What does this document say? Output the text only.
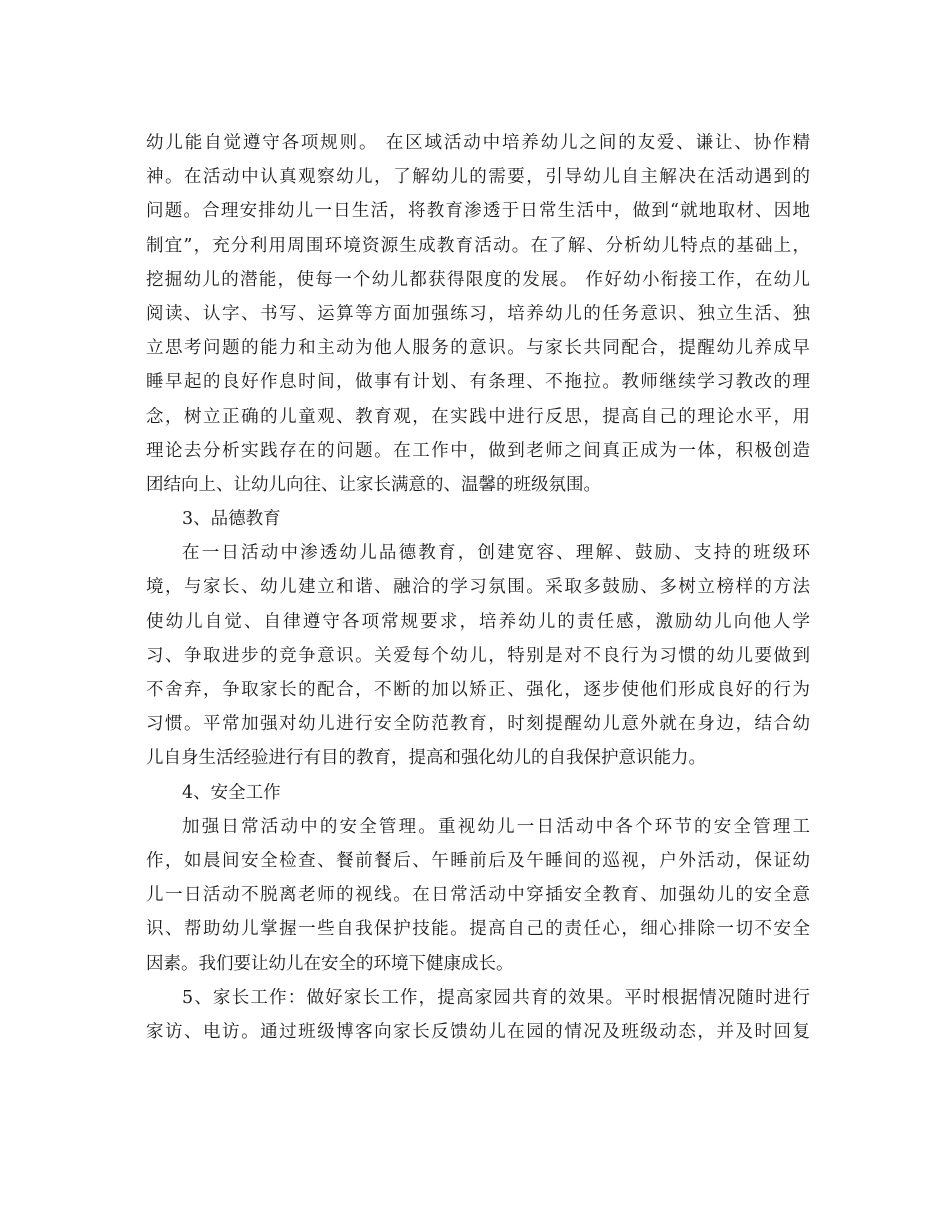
幼儿能自觉遵守各项规则。 在区域活动中培养幼儿之间的友爱、谦让、协作精
神。在活动中认真观察幼儿，了解幼儿的需要，引导幼儿自主解决在活动遇到的
问题。合理安排幼儿一日生活，将教育渗透于日常生活中，做到“就地取材、因地
制宜”，充分利用周围环境资源生成教育活动。在了解、分析幼儿特点的基础上，
挖掘幼儿的潜能，使每一个幼儿都获得限度的发展。 作好幼小衔接工作，在幼儿
阅读、认字、书写、运算等方面加强练习，培养幼儿的任务意识、独立生活、独
立思考问题的能力和主动为他人服务的意识。与家长共同配合，提醒幼儿养成早
睡早起的良好作息时间，做事有计划、有条理、不拖拉。教师继续学习教改的理
念，树立正确的儿童观、教育观，在实践中进行反思，提高自己的理论水平，用
理论去分析实践存在的问题。在工作中，做到老师之间真正成为一体，积极创造
团结向上、让幼儿向往、让家长满意的、温馨的班级氛围。
3、品德教育
在一日活动中渗透幼儿品德教育，创建宽容、理解、鼓励、支持的班级环
境，与家长、幼儿建立和谐、融洽的学习氛围。采取多鼓励、多树立榜样的方法
使幼儿自觉、自律遵守各项常规要求，培养幼儿的责任感，激励幼儿向他人学
习、争取进步的竞争意识。关爱每个幼儿，特别是对不良行为习惯的幼儿要做到
不舍弃，争取家长的配合，不断的加以矫正、强化，逐步使他们形成良好的行为
习惯。平常加强对幼儿进行安全防范教育，时刻提醒幼儿意外就在身边，结合幼
儿自身生活经验进行有目的教育，提高和强化幼儿的自我保护意识能力。
4、安全工作
加强日常活动中的安全管理。重视幼儿一日活动中各个环节的安全管理工
作，如晨间安全检查、餐前餐后、午睡前后及午睡间的巡视，户外活动，保证幼
儿一日活动不脱离老师的视线。在日常活动中穿插安全教育、加强幼儿的安全意
识、帮助幼儿掌握一些自我保护技能。提高自己的责任心，细心排除一切不安全
因素。我们要让幼儿在安全的环境下健康成长。
5、家长工作：做好家长工作，提高家园共育的效果。平时根据情况随时进行
家访、电访。通过班级博客向家长反馈幼儿在园的情况及班级动态，并及时回复
